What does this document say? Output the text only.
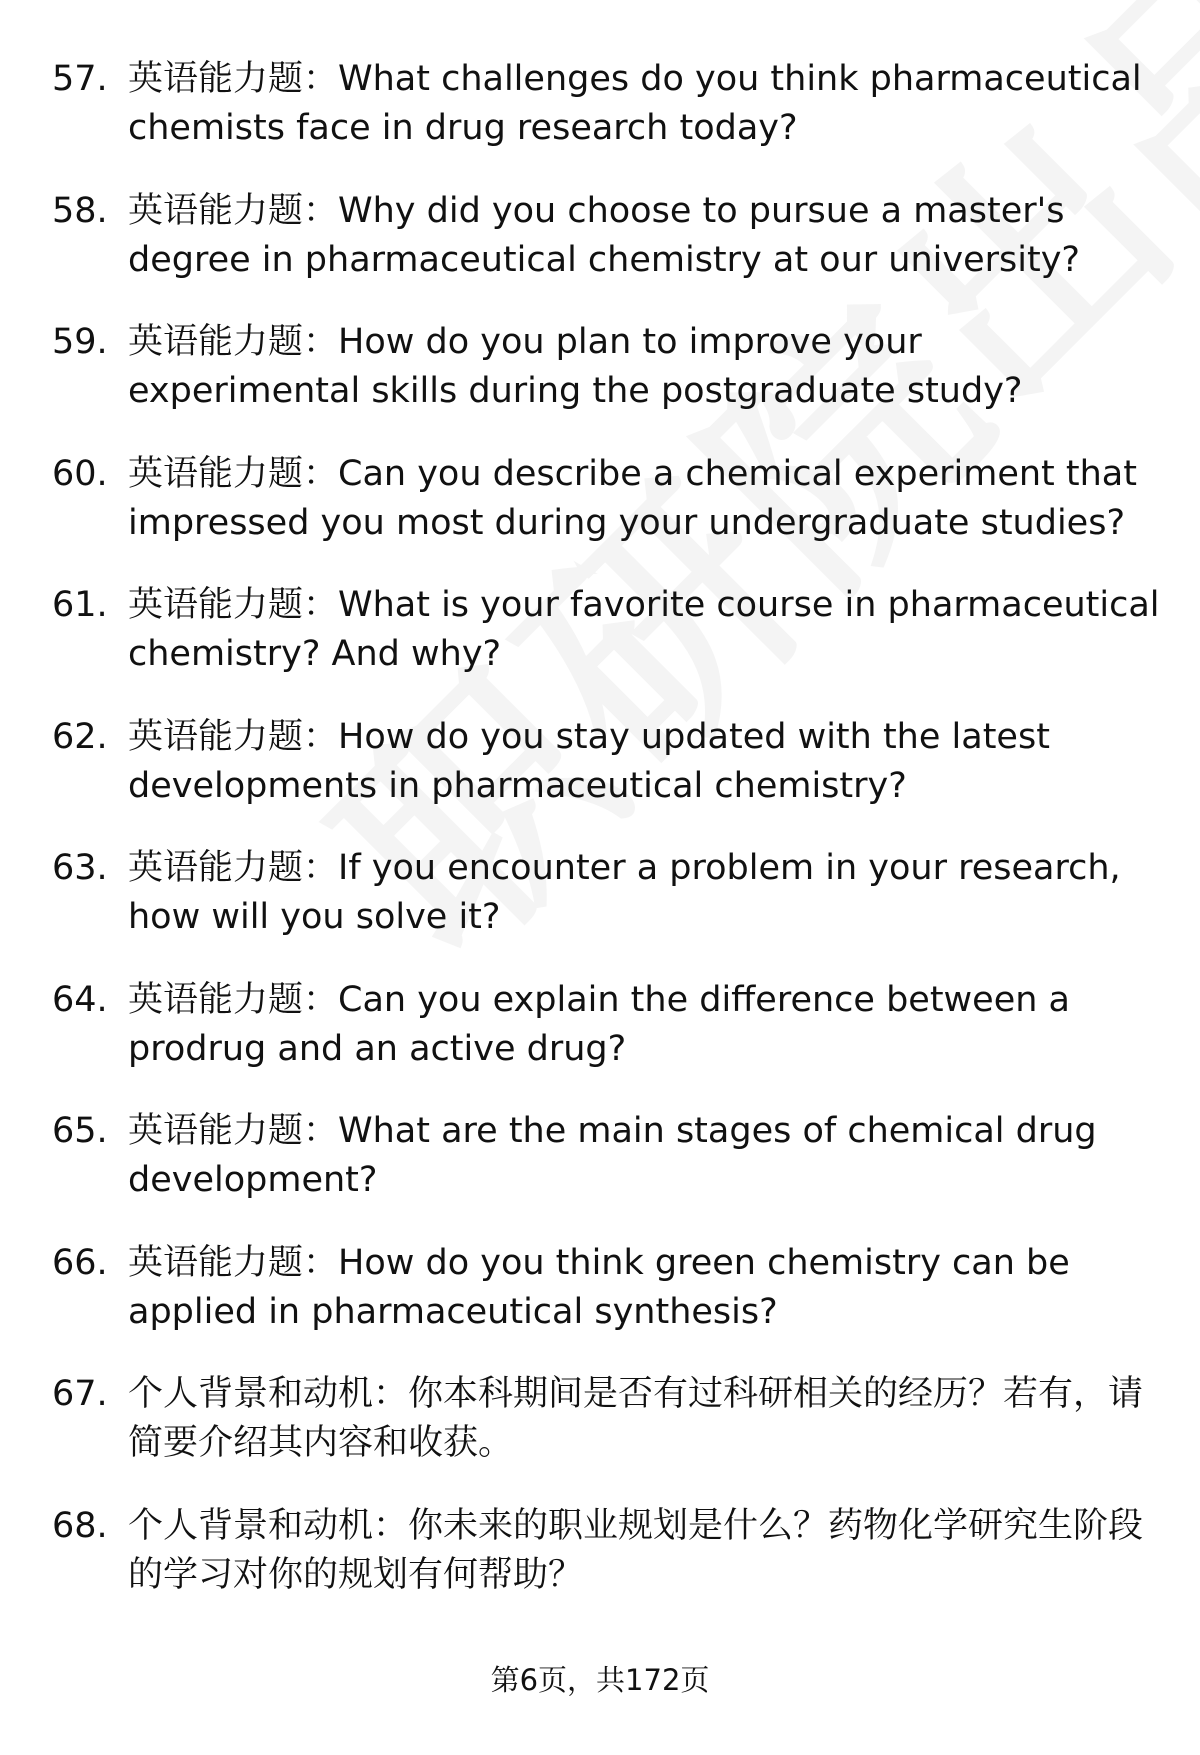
57. 英语能力题：What challenges do you think pharmaceutical chemists face in drug research today?
58. 英语能力题：Why did you choose to pursue a master's degree in pharmaceutical chemistry at our university?
59. 英语能力题：How do you plan to improve your experimental skills during the postgraduate study?
60. 英语能力题：Can you describe a chemical experiment that impressed you most during your undergraduate studies?
61. 英语能力题：What is your favorite course in pharmaceutical chemistry? And why?
62. 英语能力题：How do you stay updated with the latest developments in pharmaceutical chemistry?
63. 英语能力题：If you encounter a problem in your research, how will you solve it?
64. 英语能力题：Can you explain the difference between a prodrug and an active drug?
65. 英语能力题：What are the main stages of chemical drug development?
66. 英语能力题：How do you think green chemistry can be applied in pharmaceutical synthesis?
67. 个人背景和动机：你本科期间是否有过科研相关的经历？若有，请简要介绍其内容和收获。
68. 个人背景和动机：你未来的职业规划是什么？药物化学研究生阶段的学习对你的规划有何帮助？
第6页，共172页
